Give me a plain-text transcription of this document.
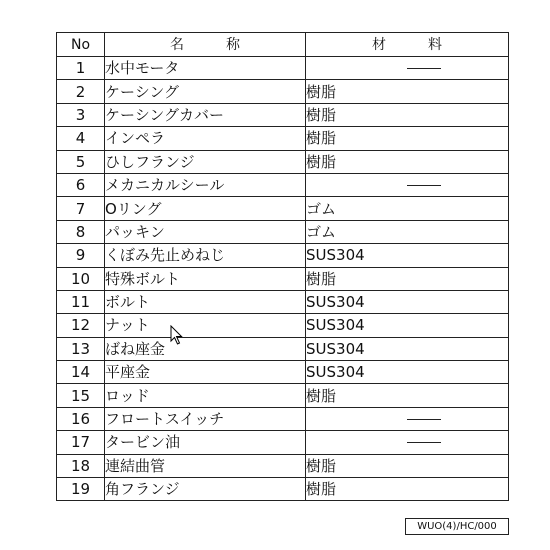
No	名 称	材 料

1	水中モータ	
2	ケーシング	樹脂
3	ケーシングカバー	樹脂
4	インペラ	樹脂
5	ひしフランジ	樹脂
6	メカニカルシール	
7	Oリング	ゴム
8	パッキン	ゴム
9	くぼみ先止めねじ	SUS304
10	特殊ボルト	樹脂
11	ボルト	SUS304
12	ナット	SUS304
13	ばね座金	SUS304
14	平座金	SUS304
15	ロッド	樹脂
16	フロートスイッチ	
17	タービン油	
18	連結曲管	樹脂
19	角フランジ	樹脂
WUO(4)/HC/000
